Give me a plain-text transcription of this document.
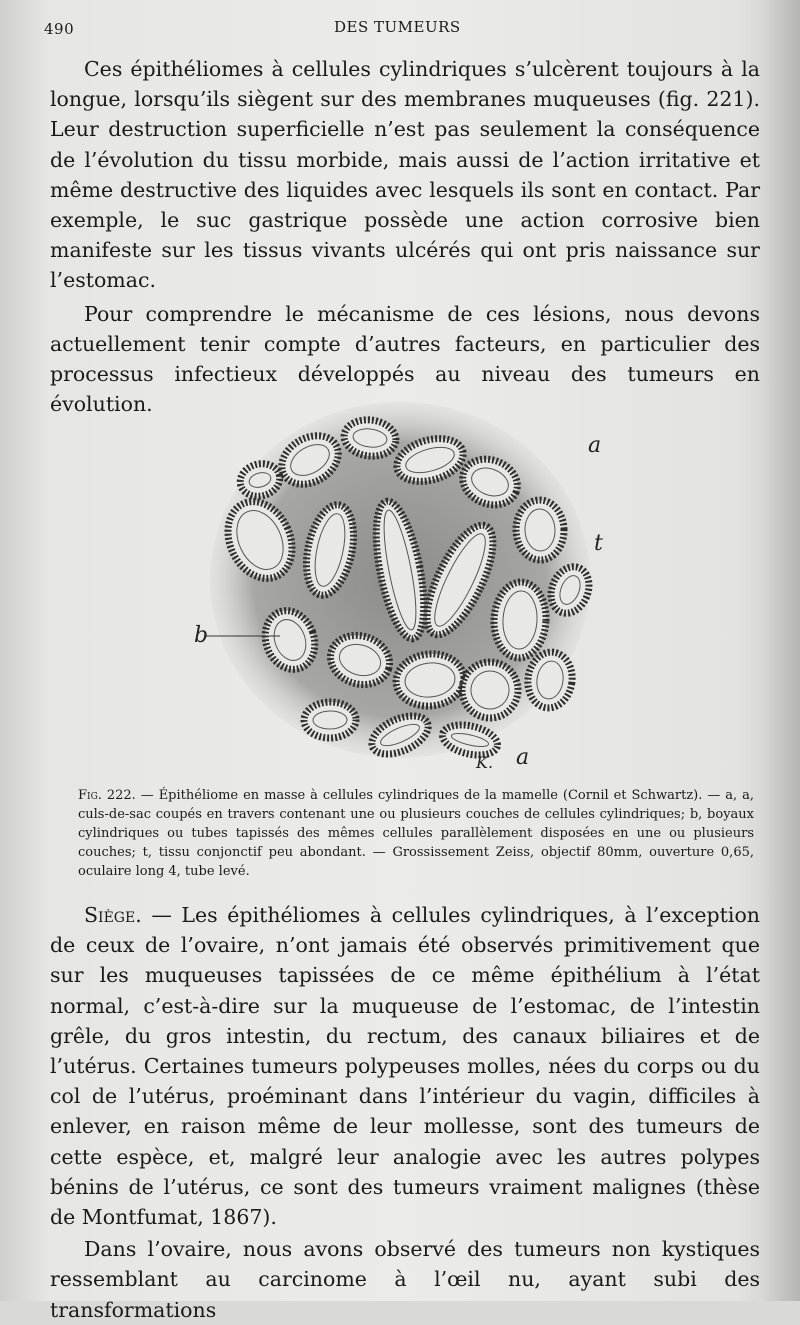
490	DES TUMEURS

Ces épithéliomes à cellules cylindriques s’ulcèrent toujours à la longue, lorsqu’ils siègent sur des membranes muqueuses (fig. 221). Leur destruction superficielle n’est pas seulement la conséquence de l’évolution du tissu morbide, mais aussi de l’action irritative et même destructive des liquides avec lesquels ils sont en contact. Par exemple, le suc gastrique possède une action corrosive bien manifeste sur les tissus vivants ulcérés qui ont pris naissance sur l’estomac.

Pour comprendre le mécanisme de ces lésions, nous devons actuellement tenir compte d’autres facteurs, en particulier des processus infectieux développés au niveau des tumeurs en évolution.

a
t
b
K. a
Fig. 222. — Épithéliome en masse à cellules cylindriques de la mamelle (Cornil et Schwartz). — a, a, culs-de-sac coupés en travers contenant une ou plusieurs couches de cellules cylindriques; b, boyaux cylindriques ou tubes tapissés des mêmes cellules parallèlement disposées en une ou plusieurs couches; t, tissu conjonctif peu abondant. — Grossissement Zeiss, objectif 80mm, ouverture 0,65, oculaire long 4, tube levé.

Siège. — Les épithéliomes à cellules cylindriques, à l’exception de ceux de l’ovaire, n’ont jamais été observés primitivement que sur les muqueuses tapissées de ce même épithélium à l’état normal, c’est-à-dire sur la muqueuse de l’estomac, de l’intestin grêle, du gros intestin, du rectum, des canaux biliaires et de l’utérus. Certaines tumeurs polypeuses molles, nées du corps ou du col de l’utérus, proéminant dans l’intérieur du vagin, difficiles à enlever, en raison même de leur mollesse, sont des tumeurs de cette espèce, et, malgré leur analogie avec les autres polypes bénins de l’utérus, ce sont des tumeurs vraiment malignes (thèse de Montfumat, 1867).

Dans l’ovaire, nous avons observé des tumeurs non kystiques ressemblant au carcinome à l’œil nu, ayant subi des transformations
